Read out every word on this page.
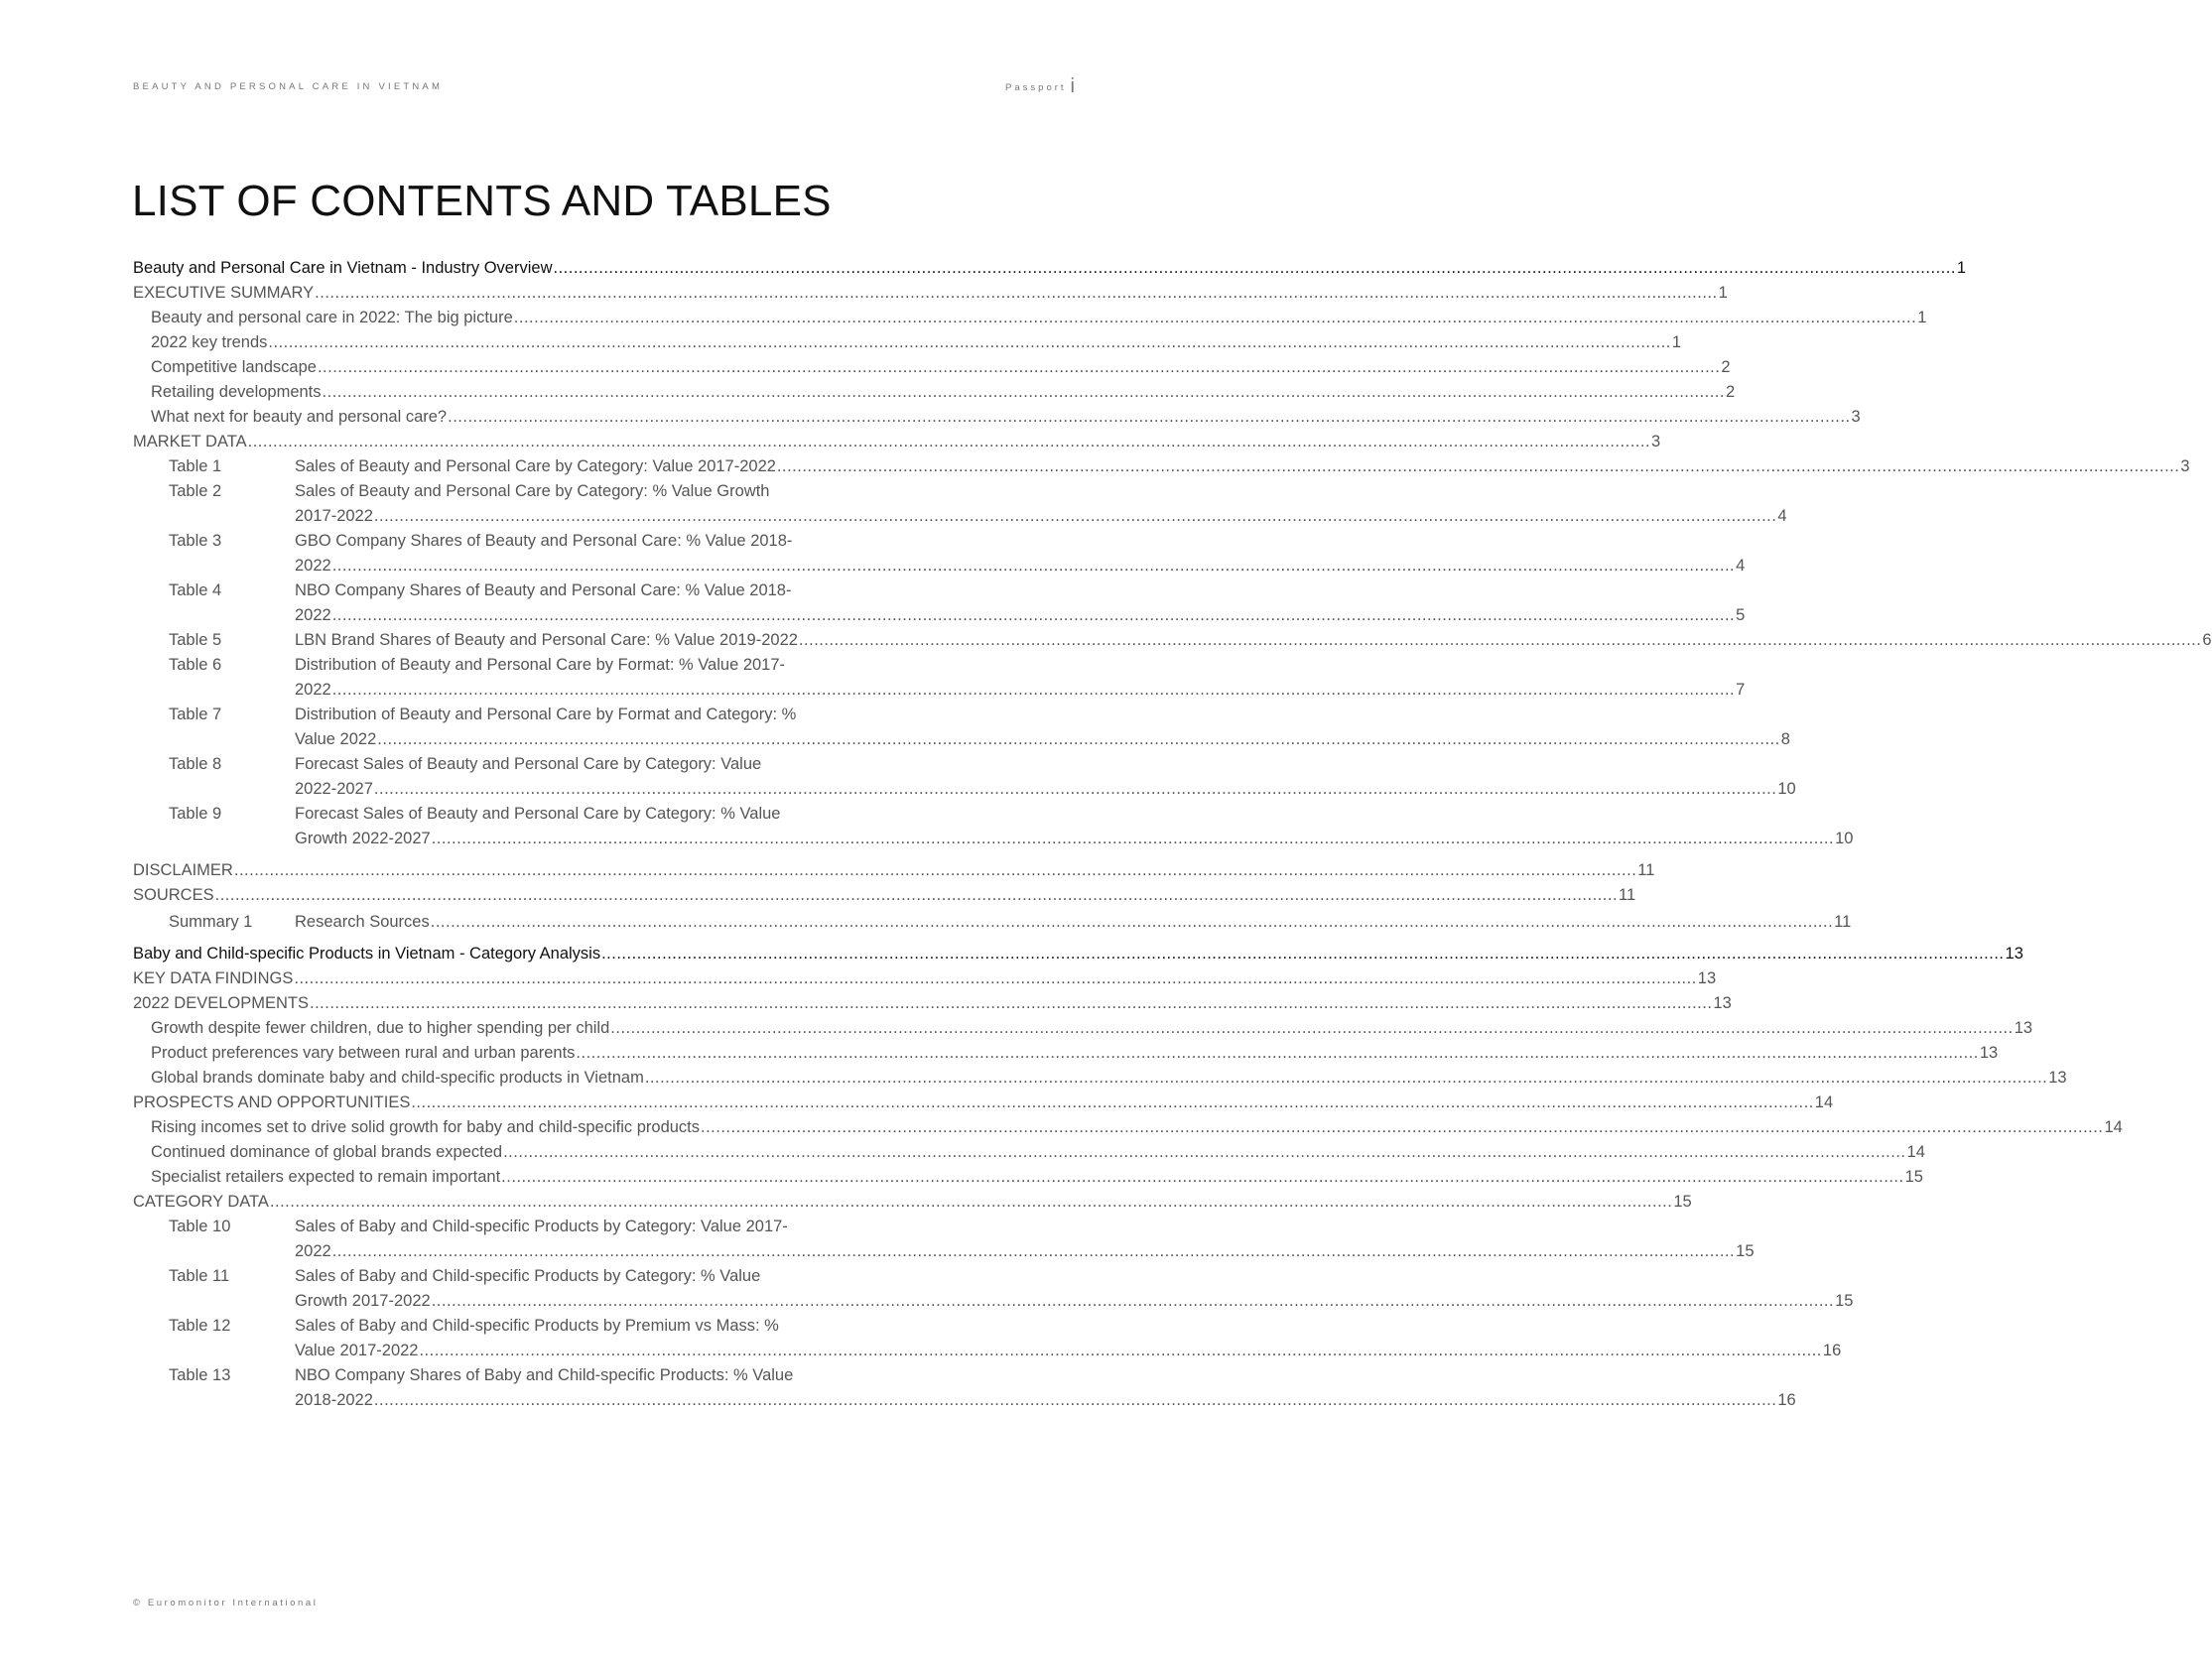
BEAUTY AND PERSONAL CARE IN VIETNAM	Passport i
LIST OF CONTENTS AND TABLES
Beauty and Personal Care in Vietnam - Industry Overview .....	1
EXECUTIVE SUMMARY .....	1
Beauty and personal care in 2022: The big picture .....	1
2022 key trends .....	1
Competitive landscape .....	2
Retailing developments .....	2
What next for beauty and personal care? .....	3
MARKET DATA .....	3
Table 1	Sales of Beauty and Personal Care by Category: Value 2017-2022 .....	3
Table 2	Sales of Beauty and Personal Care by Category: % Value Growth
2017-2022 .....	4
Table 3	GBO Company Shares of Beauty and Personal Care: % Value 2018-
2022 .....	4
Table 4	NBO Company Shares of Beauty and Personal Care: % Value 2018-
2022 .....	5
Table 5	LBN Brand Shares of Beauty and Personal Care: % Value 2019-2022 .....	6
Table 6	Distribution of Beauty and Personal Care by Format: % Value 2017-
2022 .....	7
Table 7	Distribution of Beauty and Personal Care by Format and Category: %
Value 2022 .....	8
Table 8	Forecast Sales of Beauty and Personal Care by Category: Value
2022-2027 .....	10
Table 9	Forecast Sales of Beauty and Personal Care by Category: % Value
Growth 2022-2027 .....	10
DISCLAIMER .....	11
SOURCES .....	11
Summary 1	Research Sources .....	11
Baby and Child-specific Products in Vietnam - Category Analysis .....	13
KEY DATA FINDINGS .....	13
2022 DEVELOPMENTS .....	13
Growth despite fewer children, due to higher spending per child .....	13
Product preferences vary between rural and urban parents .....	13
Global brands dominate baby and child-specific products in Vietnam .....	13
PROSPECTS AND OPPORTUNITIES .....	14
Rising incomes set to drive solid growth for baby and child-specific products .....	14
Continued dominance of global brands expected .....	14
Specialist retailers expected to remain important .....	15
CATEGORY DATA .....	15
Table 10	Sales of Baby and Child-specific Products by Category: Value 2017-
2022 .....	15
Table 11	Sales of Baby and Child-specific Products by Category: % Value
Growth 2017-2022 .....	15
Table 12	Sales of Baby and Child-specific Products by Premium vs Mass: %
Value 2017-2022 .....	16
Table 13	NBO Company Shares of Baby and Child-specific Products: % Value
2018-2022 .....	16
© Euromonitor International
